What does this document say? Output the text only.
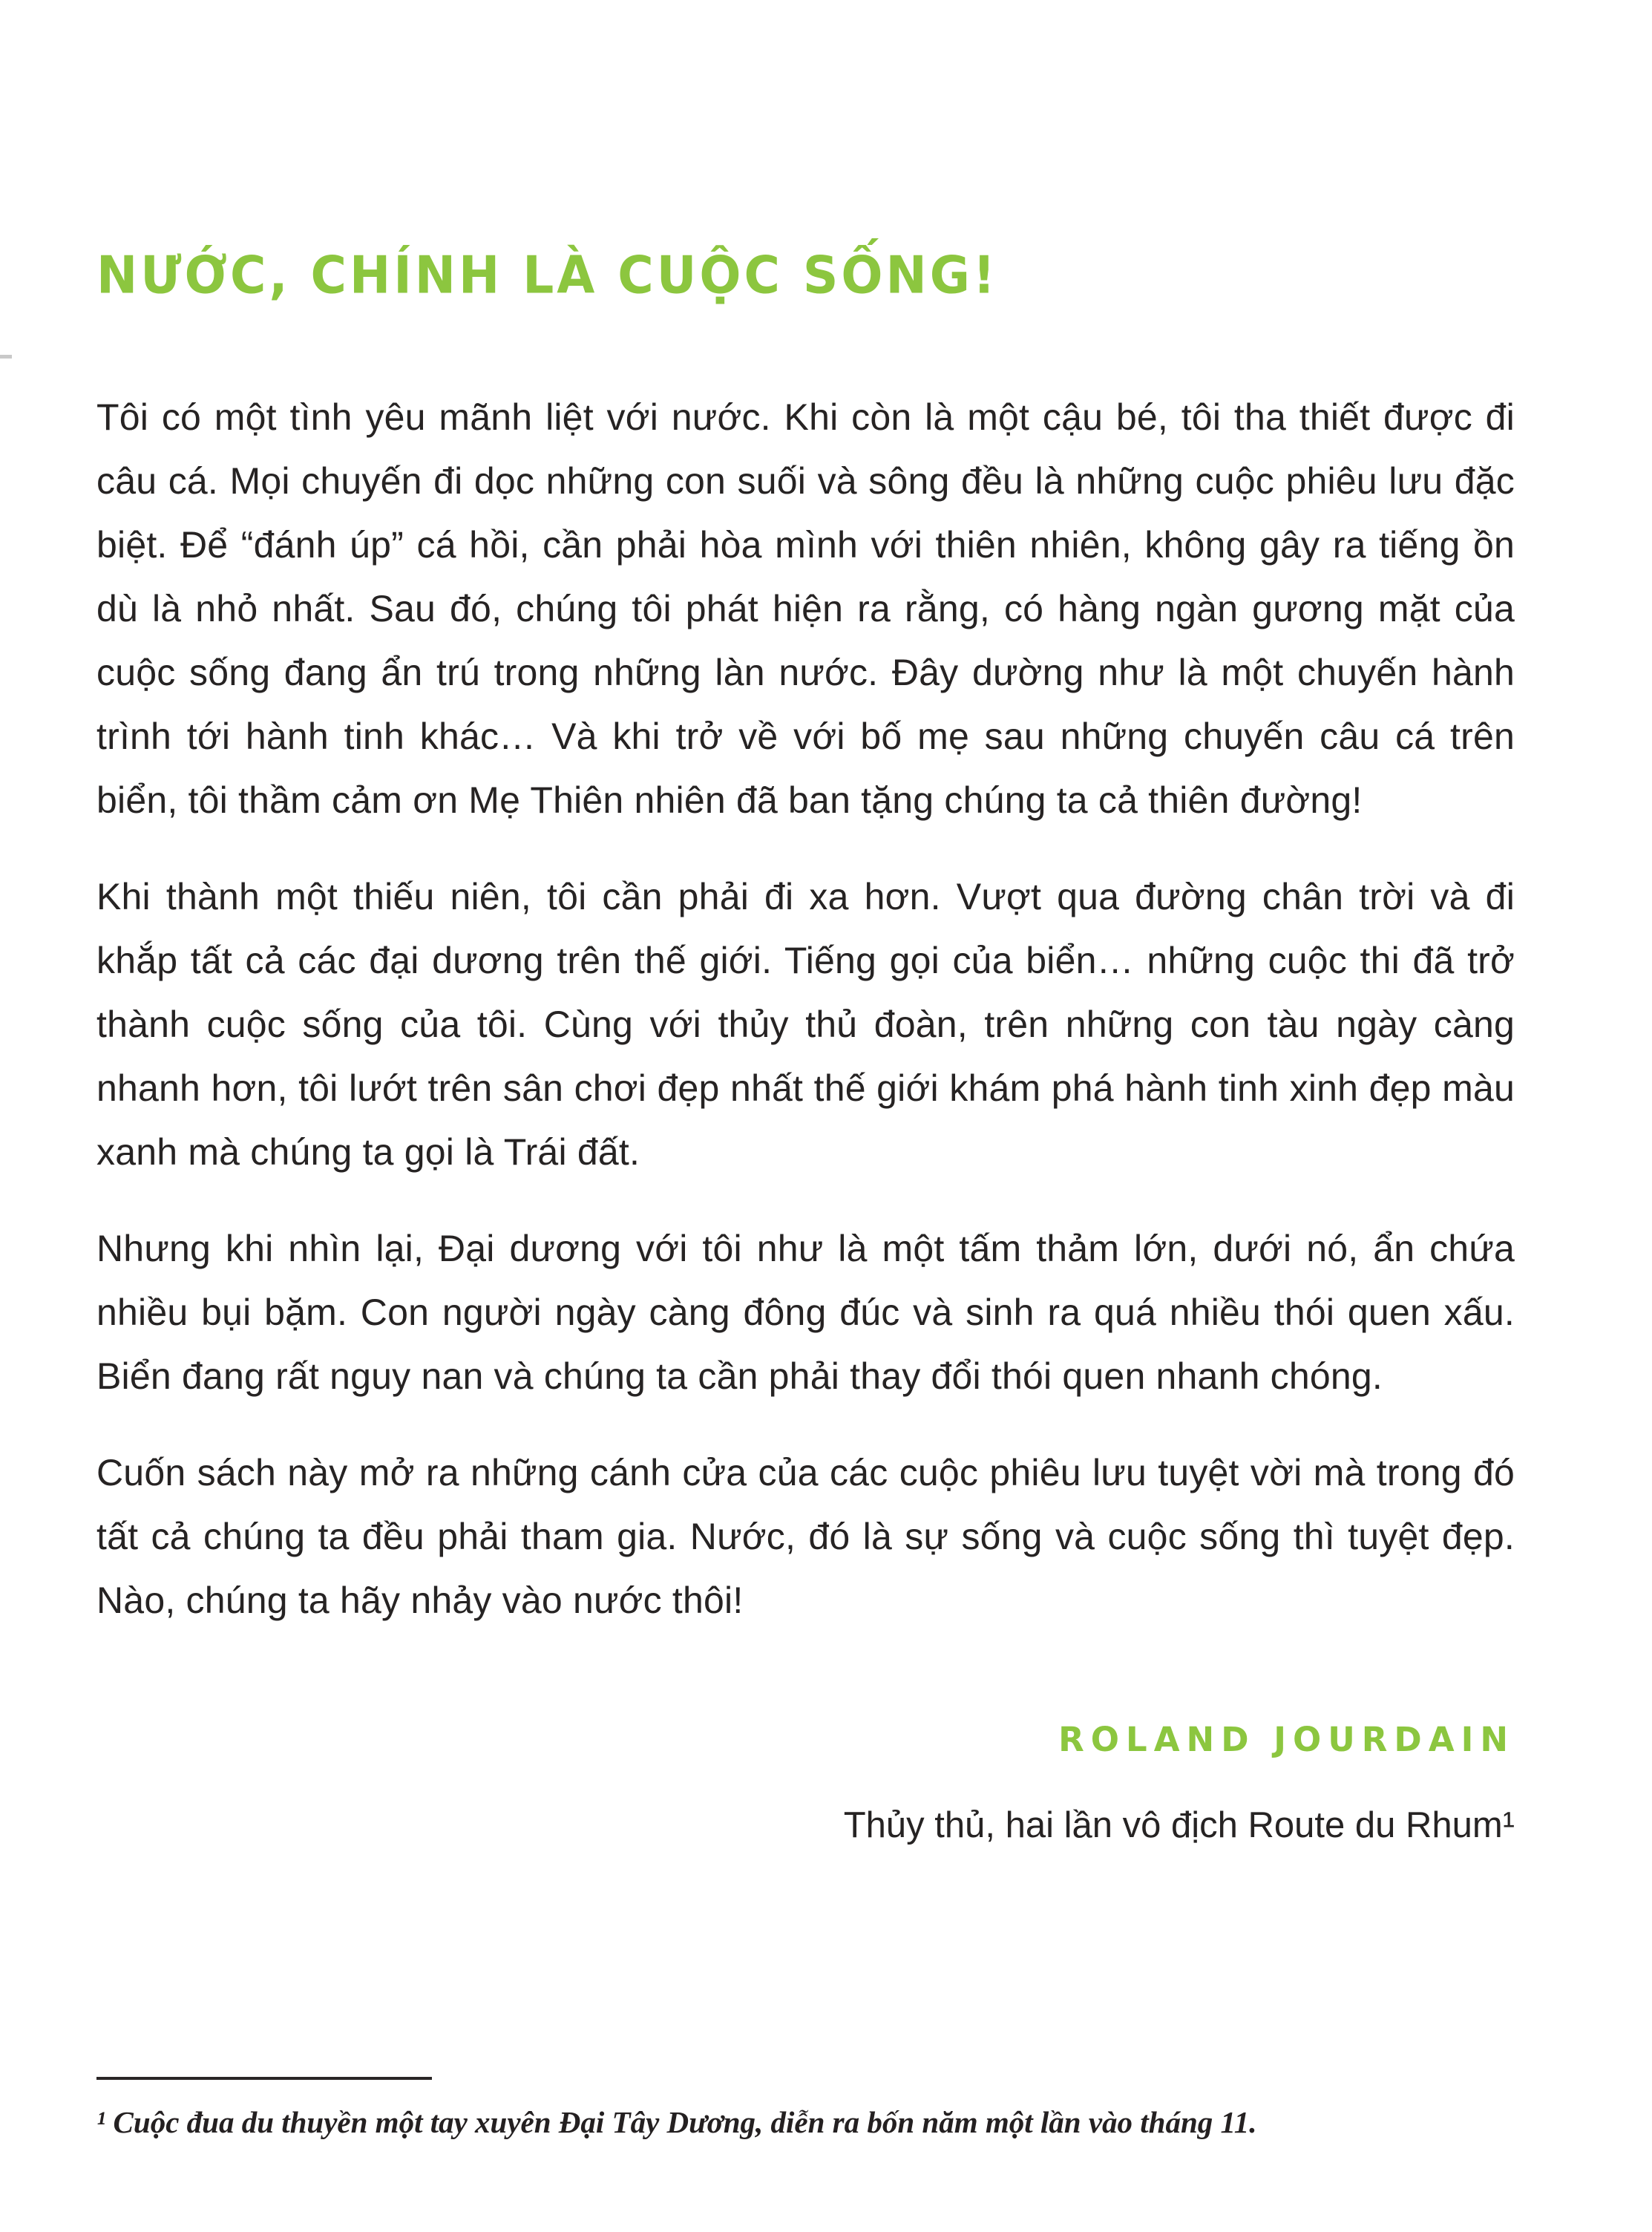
NƯỚC, CHÍNH LÀ CUỘC SỐNG!

Tôi có một tình yêu mãnh liệt với nước. Khi còn là một cậu bé, tôi tha thiết được đi câu cá. Mọi chuyến đi dọc những con suối và sông đều là những cuộc phiêu lưu đặc biệt. Để “đánh úp” cá hồi, cần phải hòa mình với thiên nhiên, không gây ra tiếng ồn dù là nhỏ nhất. Sau đó, chúng tôi phát hiện ra rằng, có hàng ngàn gương mặt của cuộc sống đang ẩn trú trong những làn nước. Đây dường như là một chuyến hành trình tới hành tinh khác… Và khi trở về với bố mẹ sau những chuyến câu cá trên biển, tôi thầm cảm ơn Mẹ Thiên nhiên đã ban tặng chúng ta cả thiên đường!

Khi thành một thiếu niên, tôi cần phải đi xa hơn. Vượt qua đường chân trời và đi khắp tất cả các đại dương trên thế giới. Tiếng gọi của biển… những cuộc thi đã trở thành cuộc sống của tôi. Cùng với thủy thủ đoàn, trên những con tàu ngày càng nhanh hơn, tôi lướt trên sân chơi đẹp nhất thế giới khám phá hành tinh xinh đẹp màu xanh mà chúng ta gọi là Trái đất.

Nhưng khi nhìn lại, Đại dương với tôi như là một tấm thảm lớn, dưới nó, ẩn chứa nhiều bụi bặm. Con người ngày càng đông đúc và sinh ra quá nhiều thói quen xấu. Biển đang rất nguy nan và chúng ta cần phải thay đổi thói quen nhanh chóng.

Cuốn sách này mở ra những cánh cửa của các cuộc phiêu lưu tuyệt vời mà trong đó tất cả chúng ta đều phải tham gia. Nước, đó là sự sống và cuộc sống thì tuyệt đẹp. Nào, chúng ta hãy nhảy vào nước thôi!

ROLAND JOURDAIN
Thủy thủ, hai lần vô địch Route du Rhum¹

¹ Cuộc đua du thuyền một tay xuyên Đại Tây Dương, diễn ra bốn năm một lần vào tháng 11.
